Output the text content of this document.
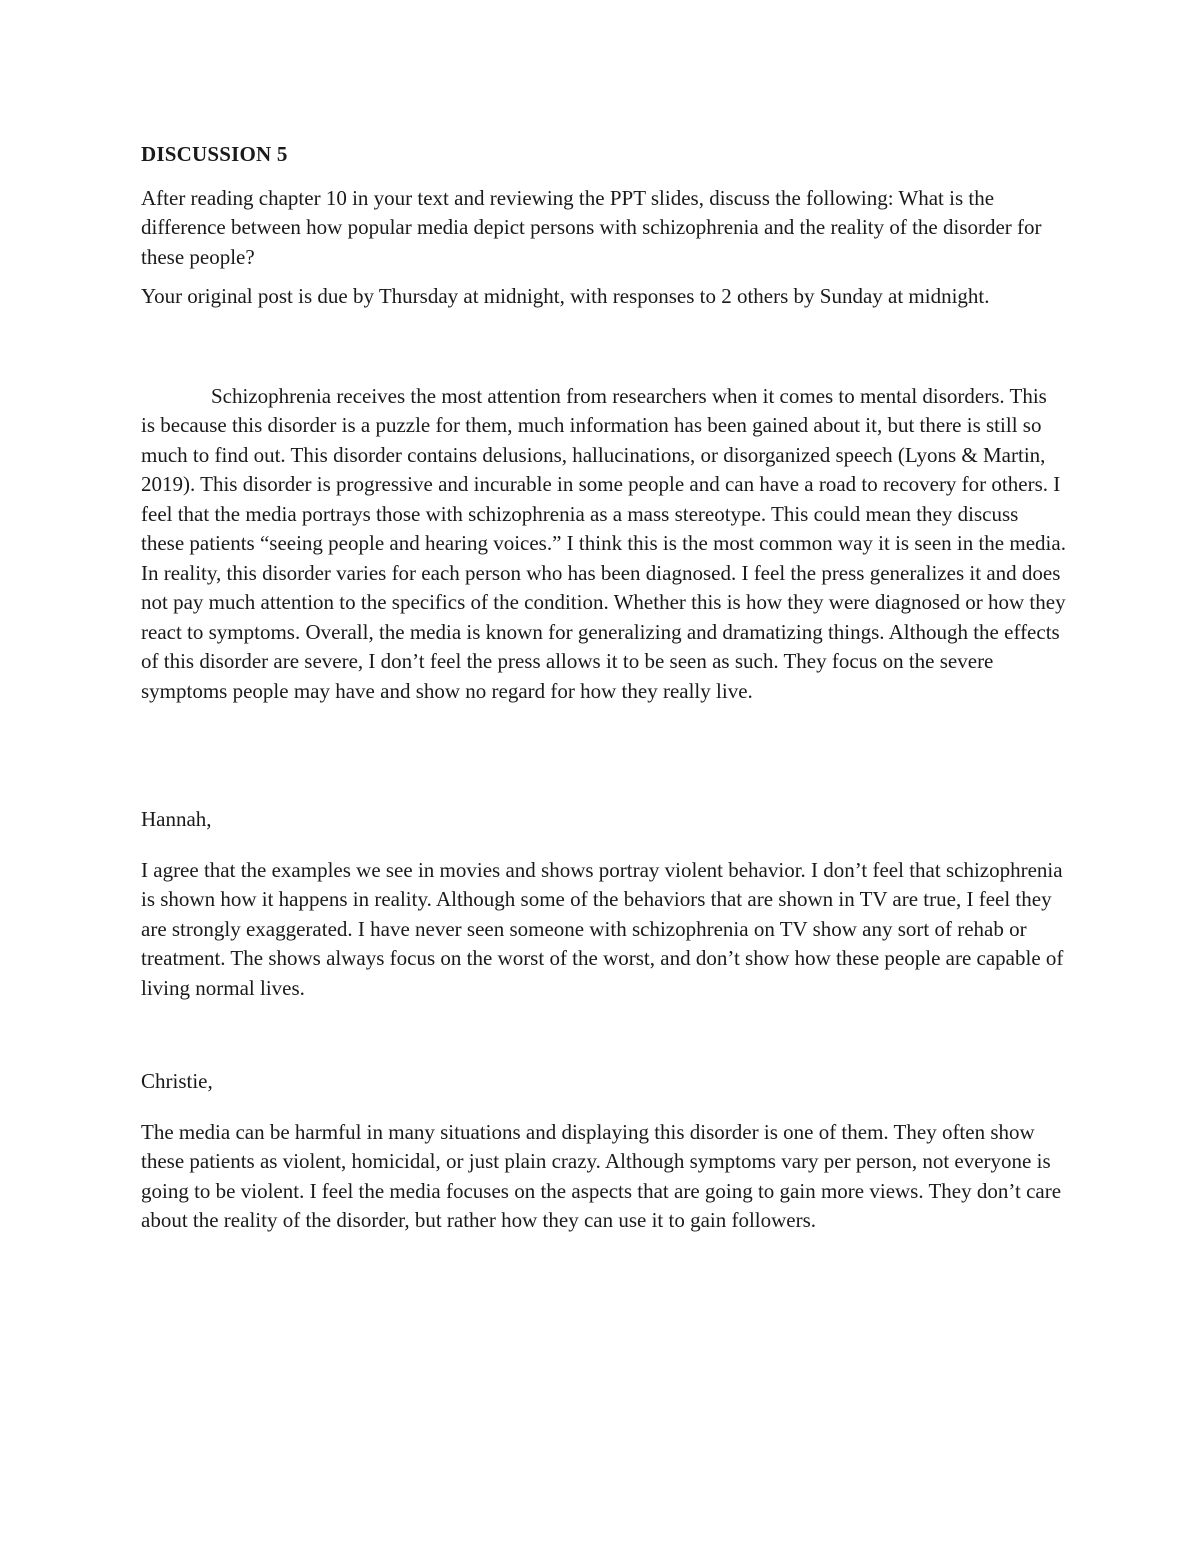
DISCUSSION 5

After reading chapter 10 in your text and reviewing the PPT slides, discuss the following: What is the difference between how popular media depict persons with schizophrenia and the reality of the disorder for these people?

Your original post is due by Thursday at midnight, with responses to 2 others by Sunday at midnight.

Schizophrenia receives the most attention from researchers when it comes to mental disorders. This is because this disorder is a puzzle for them, much information has been gained about it, but there is still so much to find out. This disorder contains delusions, hallucinations, or disorganized speech (Lyons & Martin, 2019). This disorder is progressive and incurable in some people and can have a road to recovery for others. I feel that the media portrays those with schizophrenia as a mass stereotype. This could mean they discuss these patients “seeing people and hearing voices.” I think this is the most common way it is seen in the media. In reality, this disorder varies for each person who has been diagnosed. I feel the press generalizes it and does not pay much attention to the specifics of the condition. Whether this is how they were diagnosed or how they react to symptoms. Overall, the media is known for generalizing and dramatizing things. Although the effects of this disorder are severe, I don’t feel the press allows it to be seen as such. They focus on the severe symptoms people may have and show no regard for how they really live.

Hannah,

I agree that the examples we see in movies and shows portray violent behavior. I don’t feel that schizophrenia is shown how it happens in reality. Although some of the behaviors that are shown in TV are true, I feel they are strongly exaggerated. I have never seen someone with schizophrenia on TV show any sort of rehab or treatment. The shows always focus on the worst of the worst, and don’t show how these people are capable of living normal lives.

Christie,

The media can be harmful in many situations and displaying this disorder is one of them. They often show these patients as violent, homicidal, or just plain crazy. Although symptoms vary per person, not everyone is going to be violent. I feel the media focuses on the aspects that are going to gain more views. They don’t care about the reality of the disorder, but rather how they can use it to gain followers.
